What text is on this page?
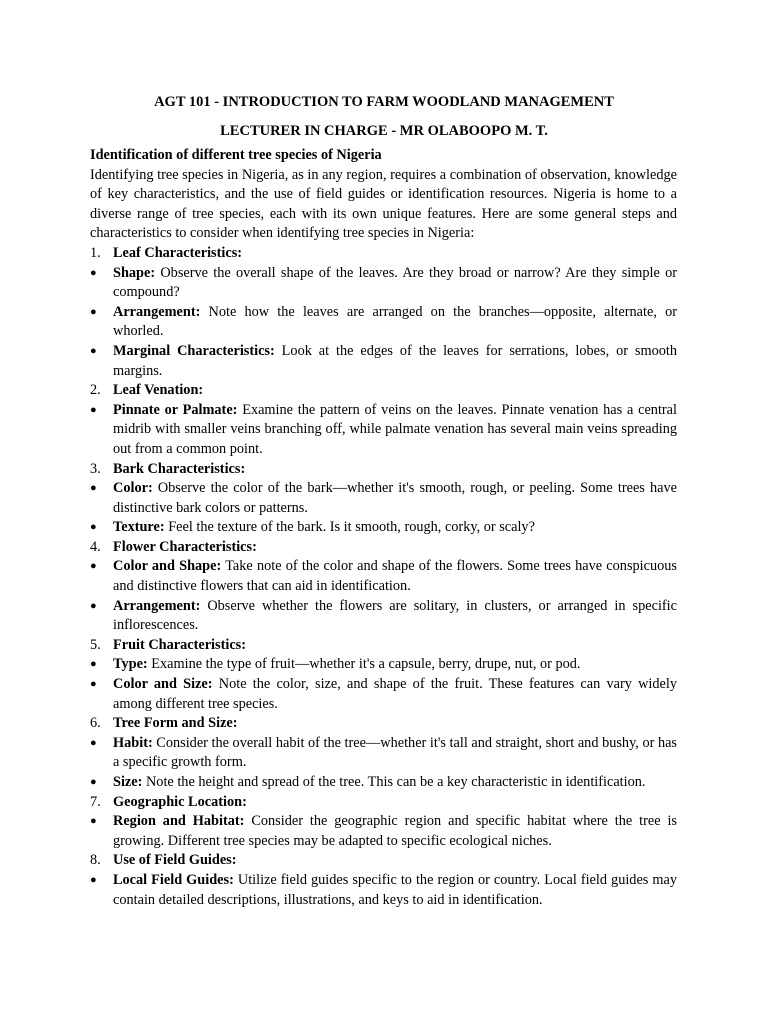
AGT 101 - INTRODUCTION TO FARM WOODLAND MANAGEMENT
LECTURER IN CHARGE - MR OLABOOPO M. T.
Identification of different tree species of Nigeria
Identifying tree species in Nigeria, as in any region, requires a combination of observation, knowledge of key characteristics, and the use of field guides or identification resources. Nigeria is home to a diverse range of tree species, each with its own unique features. Here are some general steps and characteristics to consider when identifying tree species in Nigeria:
1. Leaf Characteristics:
● Shape: Observe the overall shape of the leaves. Are they broad or narrow? Are they simple or compound?
● Arrangement: Note how the leaves are arranged on the branches—opposite, alternate, or whorled.
● Marginal Characteristics: Look at the edges of the leaves for serrations, lobes, or smooth margins.
2. Leaf Venation:
● Pinnate or Palmate: Examine the pattern of veins on the leaves. Pinnate venation has a central midrib with smaller veins branching off, while palmate venation has several main veins spreading out from a common point.
3. Bark Characteristics:
● Color: Observe the color of the bark—whether it's smooth, rough, or peeling. Some trees have distinctive bark colors or patterns.
● Texture: Feel the texture of the bark. Is it smooth, rough, corky, or scaly?
4. Flower Characteristics:
● Color and Shape: Take note of the color and shape of the flowers. Some trees have conspicuous and distinctive flowers that can aid in identification.
● Arrangement: Observe whether the flowers are solitary, in clusters, or arranged in specific inflorescences.
5. Fruit Characteristics:
● Type: Examine the type of fruit—whether it's a capsule, berry, drupe, nut, or pod.
● Color and Size: Note the color, size, and shape of the fruit. These features can vary widely among different tree species.
6. Tree Form and Size:
● Habit: Consider the overall habit of the tree—whether it's tall and straight, short and bushy, or has a specific growth form.
● Size: Note the height and spread of the tree. This can be a key characteristic in identification.
7. Geographic Location:
● Region and Habitat: Consider the geographic region and specific habitat where the tree is growing. Different tree species may be adapted to specific ecological niches.
8. Use of Field Guides:
● Local Field Guides: Utilize field guides specific to the region or country. Local field guides may contain detailed descriptions, illustrations, and keys to aid in identification.
